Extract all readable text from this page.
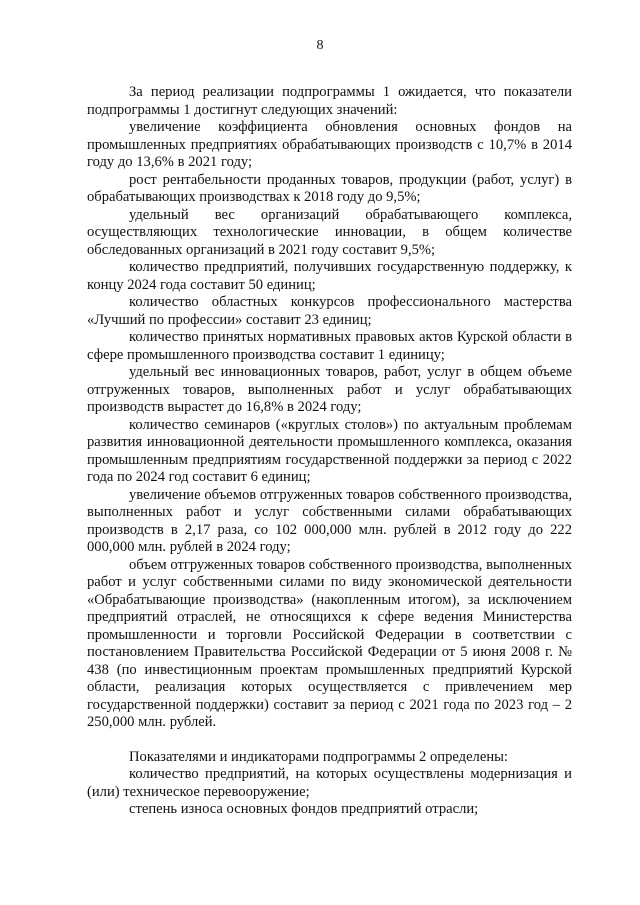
8

За период реализации подпрограммы 1 ожидается, что показатели подпрограммы 1 достигнут следующих значений:

увеличение коэффициента обновления основных фондов на промышленных предприятиях обрабатывающих производств с 10,7% в 2014 году до 13,6% в 2021 году;

рост рентабельности проданных товаров, продукции (работ, услуг) в обрабатывающих производствах к 2018 году до 9,5%;

удельный вес организаций обрабатывающего комплекса, осуществляющих технологические инновации, в общем количестве обследованных организаций в 2021 году составит 9,5%;

количество предприятий, получивших государственную поддержку, к концу 2024 года составит 50 единиц;

количество областных конкурсов профессионального мастерства «Лучший по профессии» составит 23 единиц;

количество принятых нормативных правовых актов Курской области в сфере промышленного производства составит 1 единицу;

удельный вес инновационных товаров, работ, услуг в общем объеме отгруженных товаров, выполненных работ и услуг обрабатывающих производств вырастет до 16,8% в 2024 году;

количество семинаров («круглых столов») по актуальным проблемам развития инновационной деятельности промышленного комплекса, оказания промышленным предприятиям государственной поддержки за период с 2022 года по 2024 год составит 6 единиц;

увеличение объемов отгруженных товаров собственного производства, выполненных работ и услуг собственными силами обрабатывающих производств в 2,17 раза, со 102 000,000 млн. рублей в 2012 году до 222 000,000 млн. рублей в 2024 году;

объем отгруженных товаров собственного производства, выполненных работ и услуг собственными силами по виду экономической деятельности «Обрабатывающие производства» (накопленным итогом), за исключением предприятий отраслей, не относящихся к сфере ведения Министерства промышленности и торговли Российской Федерации в соответствии с постановлением Правительства Российской Федерации от 5 июня 2008 г. № 438 (по инвестиционным проектам промышленных предприятий Курской области, реализация которых осуществляется с привлечением мер государственной поддержки) составит за период с 2021 года по 2023 год – 2 250,000 млн. рублей.

Показателями и индикаторами подпрограммы 2 определены:

количество предприятий, на которых осуществлены модернизация и (или) техническое перевооружение;

степень износа основных фондов предприятий отрасли;
